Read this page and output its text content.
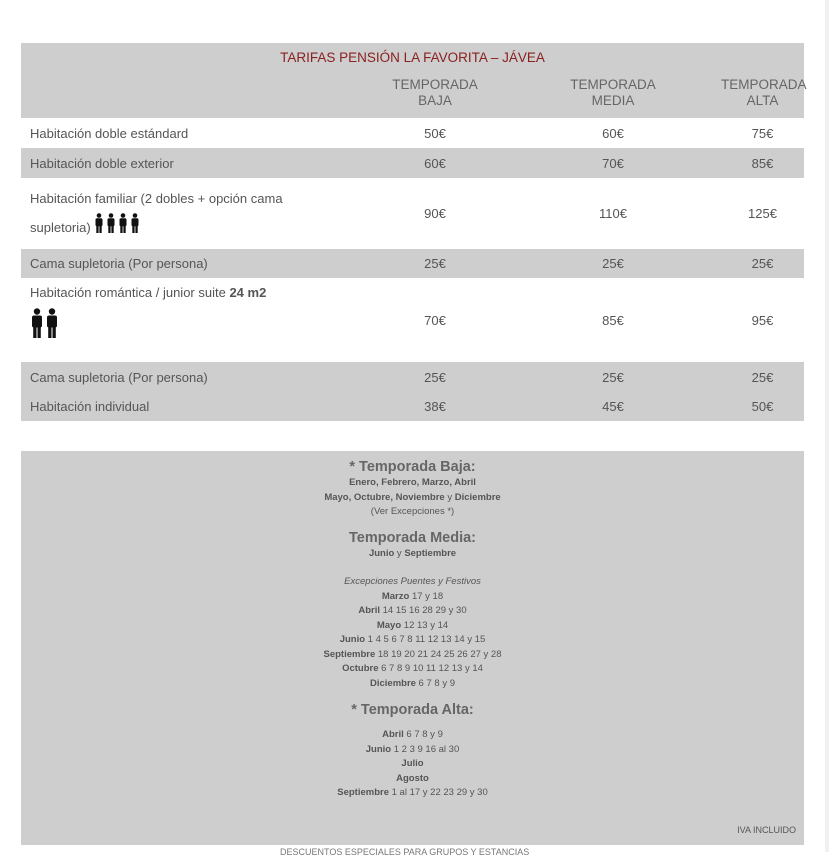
TARIFAS PENSIÓN LA FAVORITA – JÁVEA
TEMPORADA
BAJA
TEMPORADA
MEDIA
TEMPORADA
ALTA
Habitación doble estándard	50€	60€	75€
Habitación doble exterior	60€	70€	85€
Habitación familiar (2 dobles + opción cama
supletoria)
90€	110€	125€
Cama supletoria (Por persona)	25€	25€	25€
Habitación romántica / junior suite 24 m2
70€	85€	95€
Cama supletoria (Por persona)	25€	25€	25€
Habitación individual	38€	45€	50€
* Temporada Baja:
Enero, Febrero, Marzo, Abril
Mayo, Octubre, Noviembre y Diciembre
(Ver Excepciones *)
Temporada Media:
Junio y Septiembre
Excepciones Puentes y Festivos
Marzo 17 y 18
Abril 14 15 16 28 29 y 30
Mayo 12 13 y 14
Junio 1 4 5 6 7 8 11 12 13 14 y 15
Septiembre 18 19 20 21 24 25 26 27 y 28
Octubre 6 7 8 9 10 11 12 13 y 14
Diciembre 6 7 8 y 9
* Temporada Alta:
Abril 6 7 8 y 9
Junio 1 2 3 9 16 al 30
Julio
Agosto
Septiembre 1 al 17 y 22 23 29 y 30
IVA INCLUIDO
DESCUENTOS ESPECIALES PARA GRUPOS Y ESTANCIAS
